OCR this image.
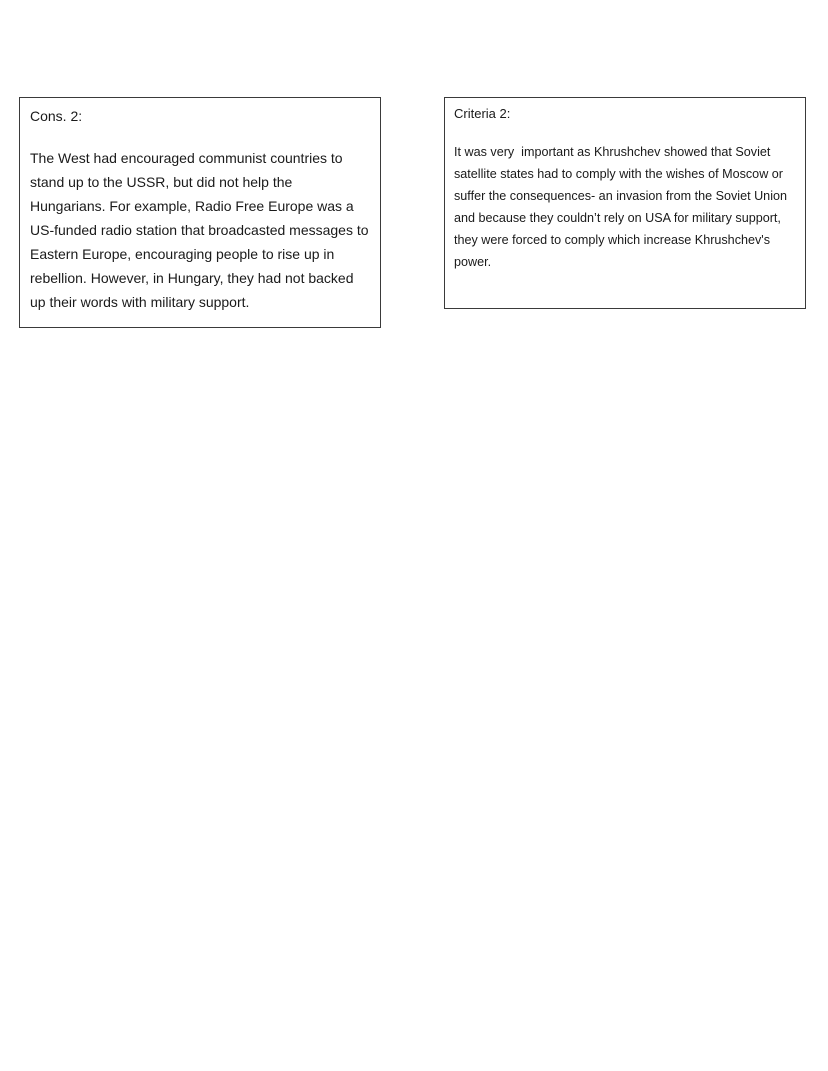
Cons. 2:

The West had encouraged communist countries to stand up to the USSR, but did not help the Hungarians. For example, Radio Free Europe was a US-funded radio station that broadcasted messages to Eastern Europe, encouraging people to rise up in rebellion. However, in Hungary, they had not backed up their words with military support.

Criteria 2:

It was very  important as Khrushchev showed that Soviet satellite states had to comply with the wishes of Moscow or suffer the consequences- an invasion from the Soviet Union and because they couldn’t rely on USA for military support, they were forced to comply which increase Khrushchev's power.
